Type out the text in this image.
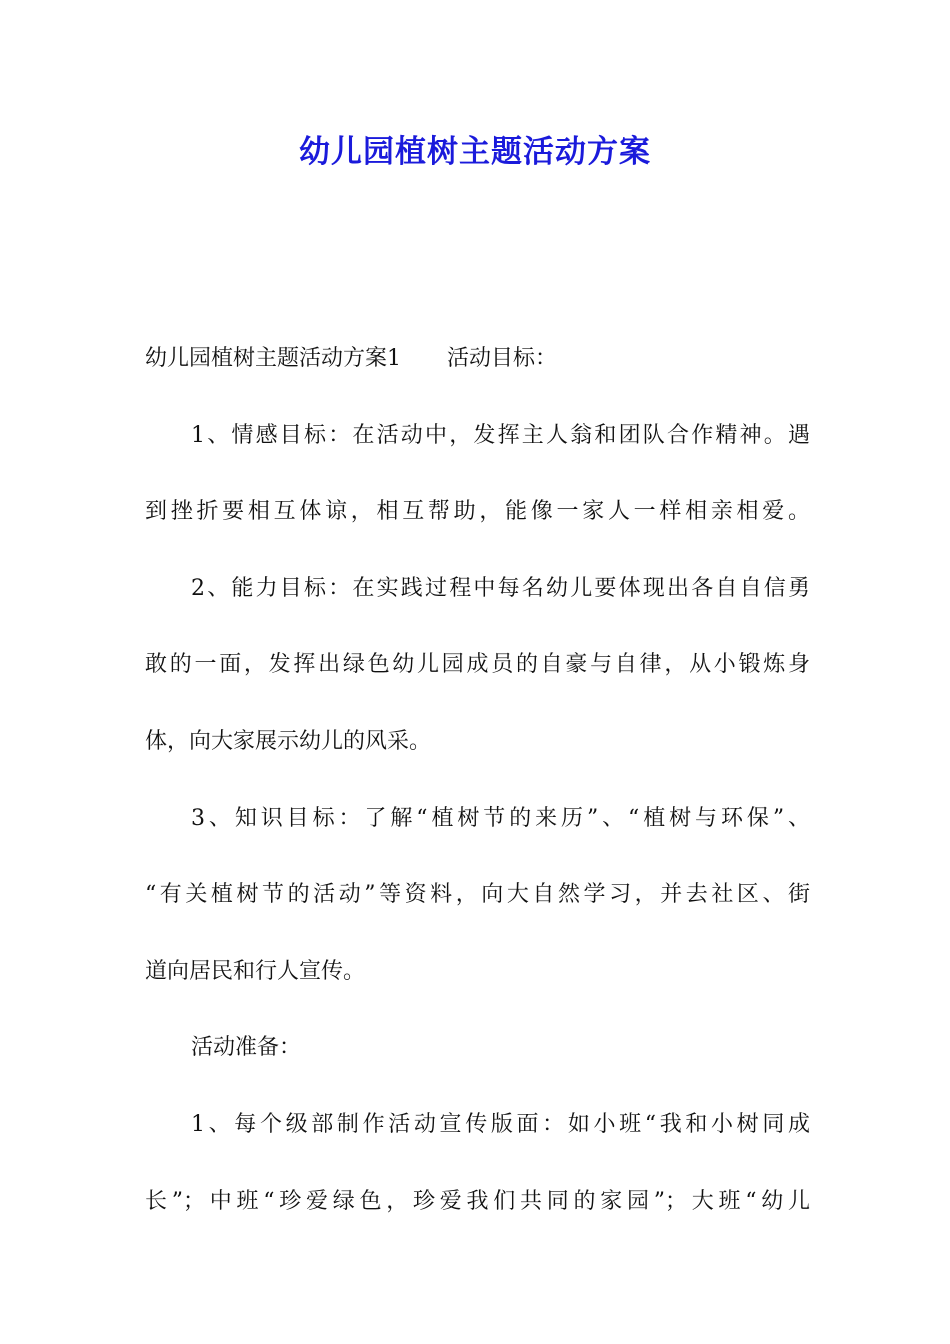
幼儿园植树主题活动方案
幼儿园植树主题活动方案1 活动目标：
1、情感目标：在活动中，发挥主人翁和团队合作精神。遇
到挫折要相互体谅，相互帮助，能像一家人一样相亲相爱。
2、能力目标：在实践过程中每名幼儿要体现出各自自信勇
敢的一面，发挥出绿色幼儿园成员的自豪与自律，从小锻炼身
体，向大家展示幼儿的风采。
3、知识目标：了解“植树节的来历”、“植树与环保”、
“有关植树节的活动”等资料，向大自然学习，并去社区、街
道向居民和行人宣传。
活动准备：
1、每个级部制作活动宣传版面：如小班“我和小树同成
长”；中班“珍爱绿色，珍爱我们共同的家园”；大班“幼儿
